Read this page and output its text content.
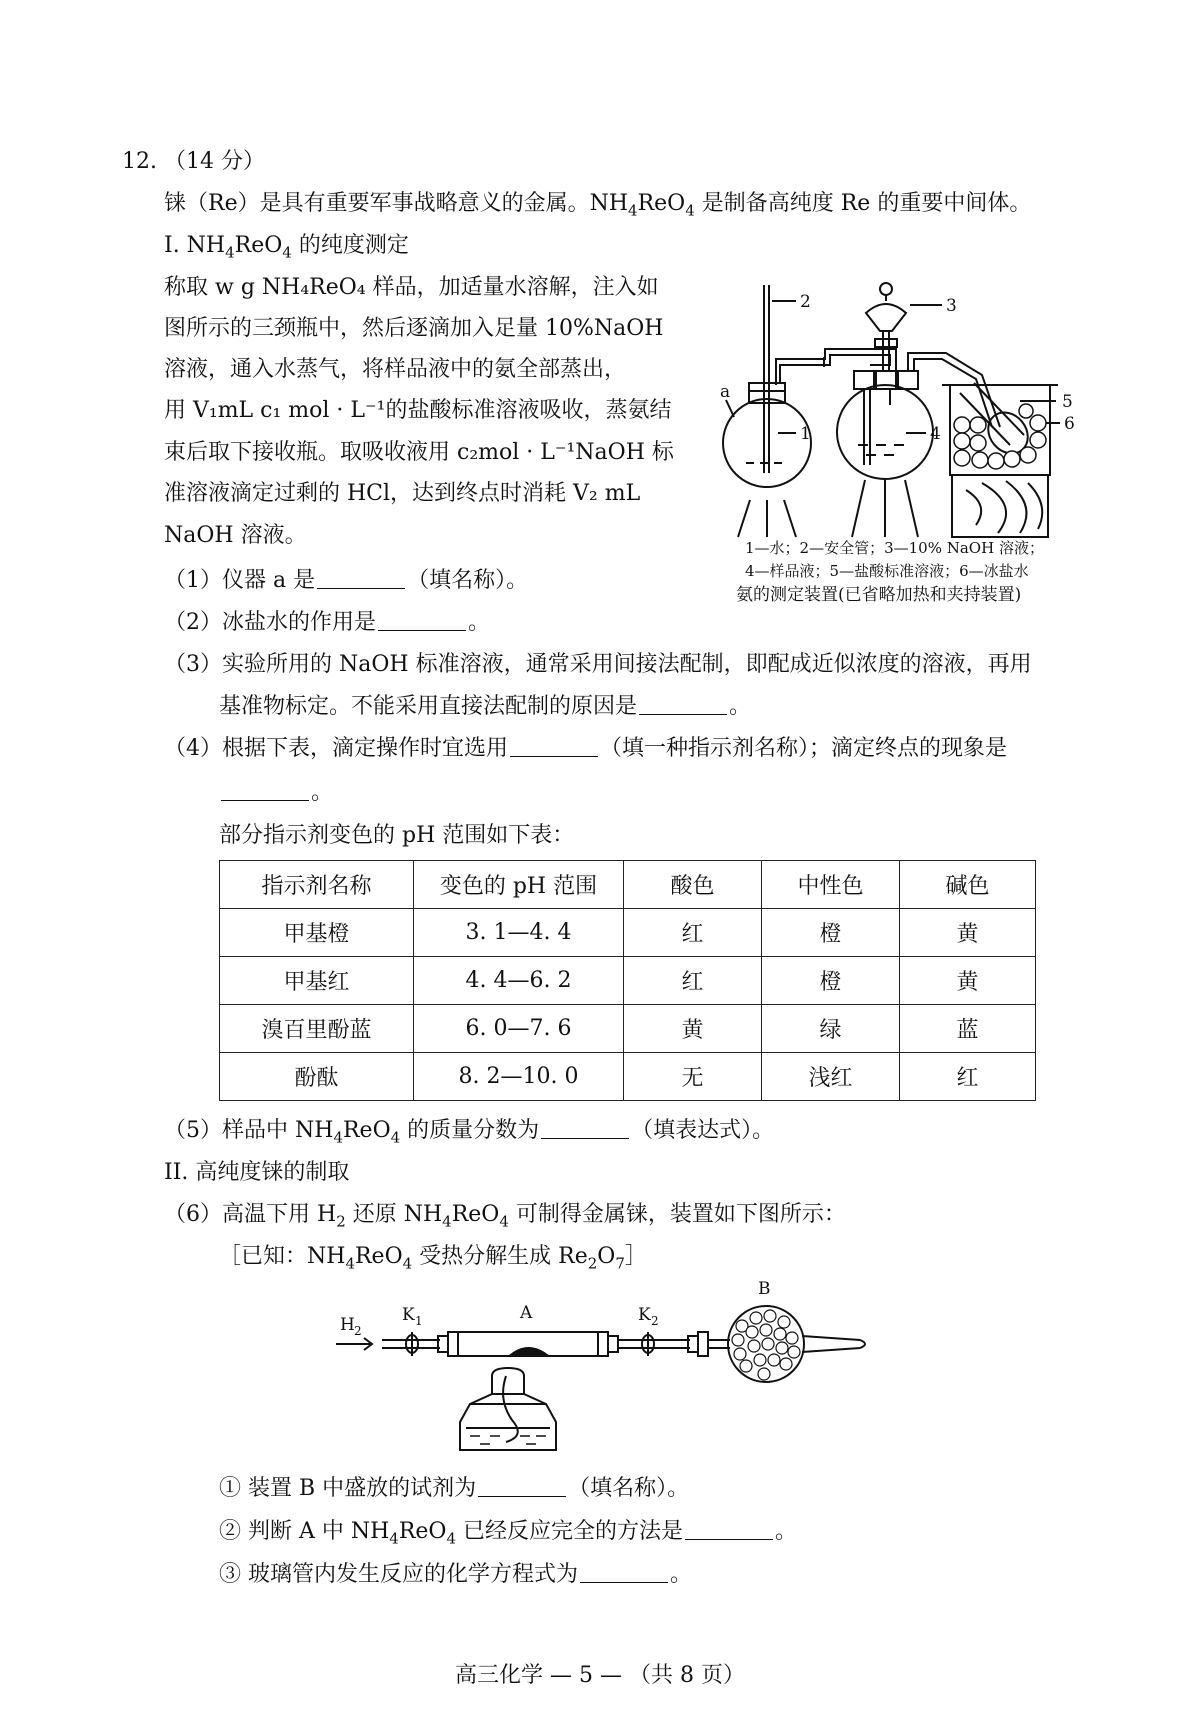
12. （14 分）
铼（Re）是具有重要军事战略意义的金属。$NH_4ReO_4$ 是制备高纯度 Re 的重要中间体。
I. $NH_4ReO_4$ 的纯度测定
称取 w g NH₄ReO₄ 样品，加适量水溶解，注入如
图所示的三颈瓶中，然后逐滴加入足量 10%NaOH
溶液，通入水蒸气，将样品液中的氨全部蒸出，
用 V₁mL c₁ mol · L⁻¹的盐酸标准溶液吸收，蒸氨结
束后取下接收瓶。取吸收液用 c₂mol · L⁻¹NaOH 标
准溶液滴定过剩的 HCl，达到终点时消耗 V₂ mL
NaOH 溶液。
a
2	3
1	4
5
6
1—水；2—安全管；3—10% NaOH 溶液；
4—样品液；5—盐酸标准溶液；6—冰盐水
氨的测定装置(已省略加热和夹持装置)
（1）仪器 a 是	（填名称）。
（2）冰盐水的作用是	。
（3）实验所用的 NaOH 标准溶液，通常采用间接法配制，即配成近似浓度的溶液，再用
基准物标定。不能采用直接法配制的原因是	。
（4）根据下表，滴定操作时宜选用	（填一种指示剂名称）；滴定终点的现象是
。
部分指示剂变色的 pH 范围如下表：
指示剂名称	变色的 pH 范围	酸色	中性色	碱色
甲基橙	3. 1—4. 4	红	橙	黄
甲基红	4. 4—6. 2	红	橙	黄
溴百里酚蓝	6. 0—7. 6	黄	绿	蓝
酚酞	8. 2—10. 0	无	浅红	红
（5）样品中 $NH_4ReO_4$ 的质量分数为	（填表达式）。
II. 高纯度铼的制取
（6）高温下用 $H_2$ 还原 $NH_4ReO_4$ 可制得金属铼，装置如下图所示：
［已知：$NH_4ReO_4$ 受热分解生成 $Re_2O_7]$
H 2
K 1	A	K 2
B
① 装置 B 中盛放的试剂为	（填名称）。
② 判断 A 中 $NH_4ReO_4$ 已经反应完全的方法是	。
③ 玻璃管内发生反应的化学方程式为	。
高三化学 — 5 — （共 8 页）
